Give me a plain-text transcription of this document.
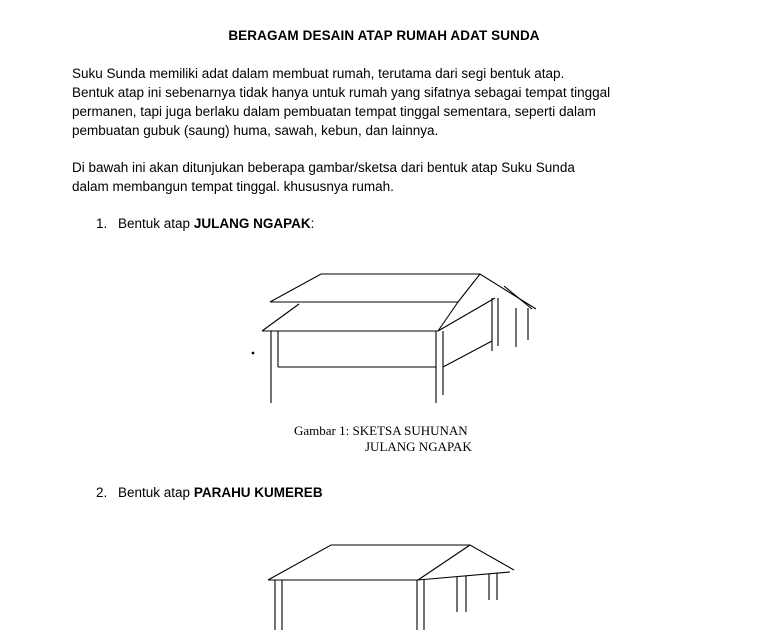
BERAGAM DESAIN ATAP RUMAH ADAT SUNDA
Suku Sunda memiliki adat dalam membuat rumah, terutama dari segi bentuk atap.
Bentuk atap ini sebenarnya tidak hanya untuk rumah yang sifatnya sebagai tempat tinggal
permanen, tapi juga berlaku dalam pembuatan tempat tinggal sementara, seperti dalam
pembuatan gubuk (saung) huma, sawah, kebun, dan lainnya.
Di bawah ini akan ditunjukan beberapa gambar/sketsa dari bentuk atap Suku Sunda
dalam membangun tempat tinggal. khususnya rumah.
1. Bentuk atap JULANG NGAPAK:
Gambar 1: SKETSA SUHUNAN
JULANG NGAPAK
2. Bentuk atap PARAHU KUMEREB
